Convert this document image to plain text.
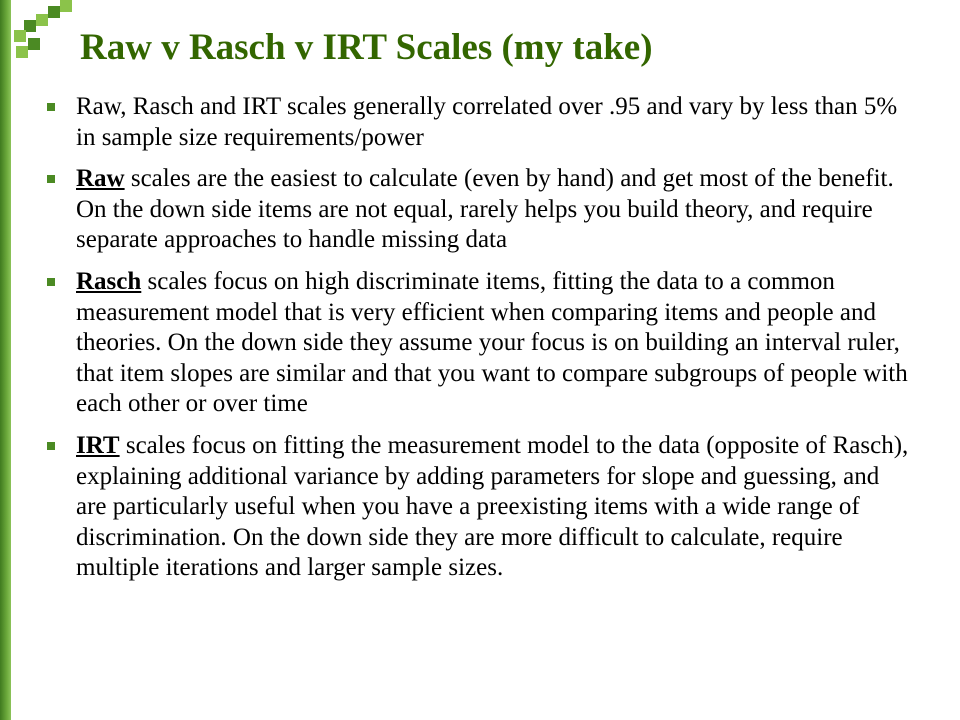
Raw v Rasch v IRT Scales (my take)
Raw, Rasch and IRT scales generally correlated over .95 and vary by less than 5% in sample size requirements/power
Raw scales are the easiest to calculate (even by hand) and get most of the benefit. On the down side items are not equal, rarely helps you build theory, and require separate approaches to handle missing data
Rasch scales focus on high discriminate items, fitting the data to a common measurement model that is very efficient when comparing items and people and theories. On the down side they assume your focus is on building an interval ruler, that item slopes are similar and that you want to compare subgroups of people with each other or over time
IRT scales focus on fitting the measurement model to the data (opposite of Rasch), explaining additional variance by adding parameters for slope and guessing, and are particularly useful when you have a preexisting items with a wide range of discrimination. On the down side they are more difficult to calculate, require multiple iterations and larger sample sizes.
